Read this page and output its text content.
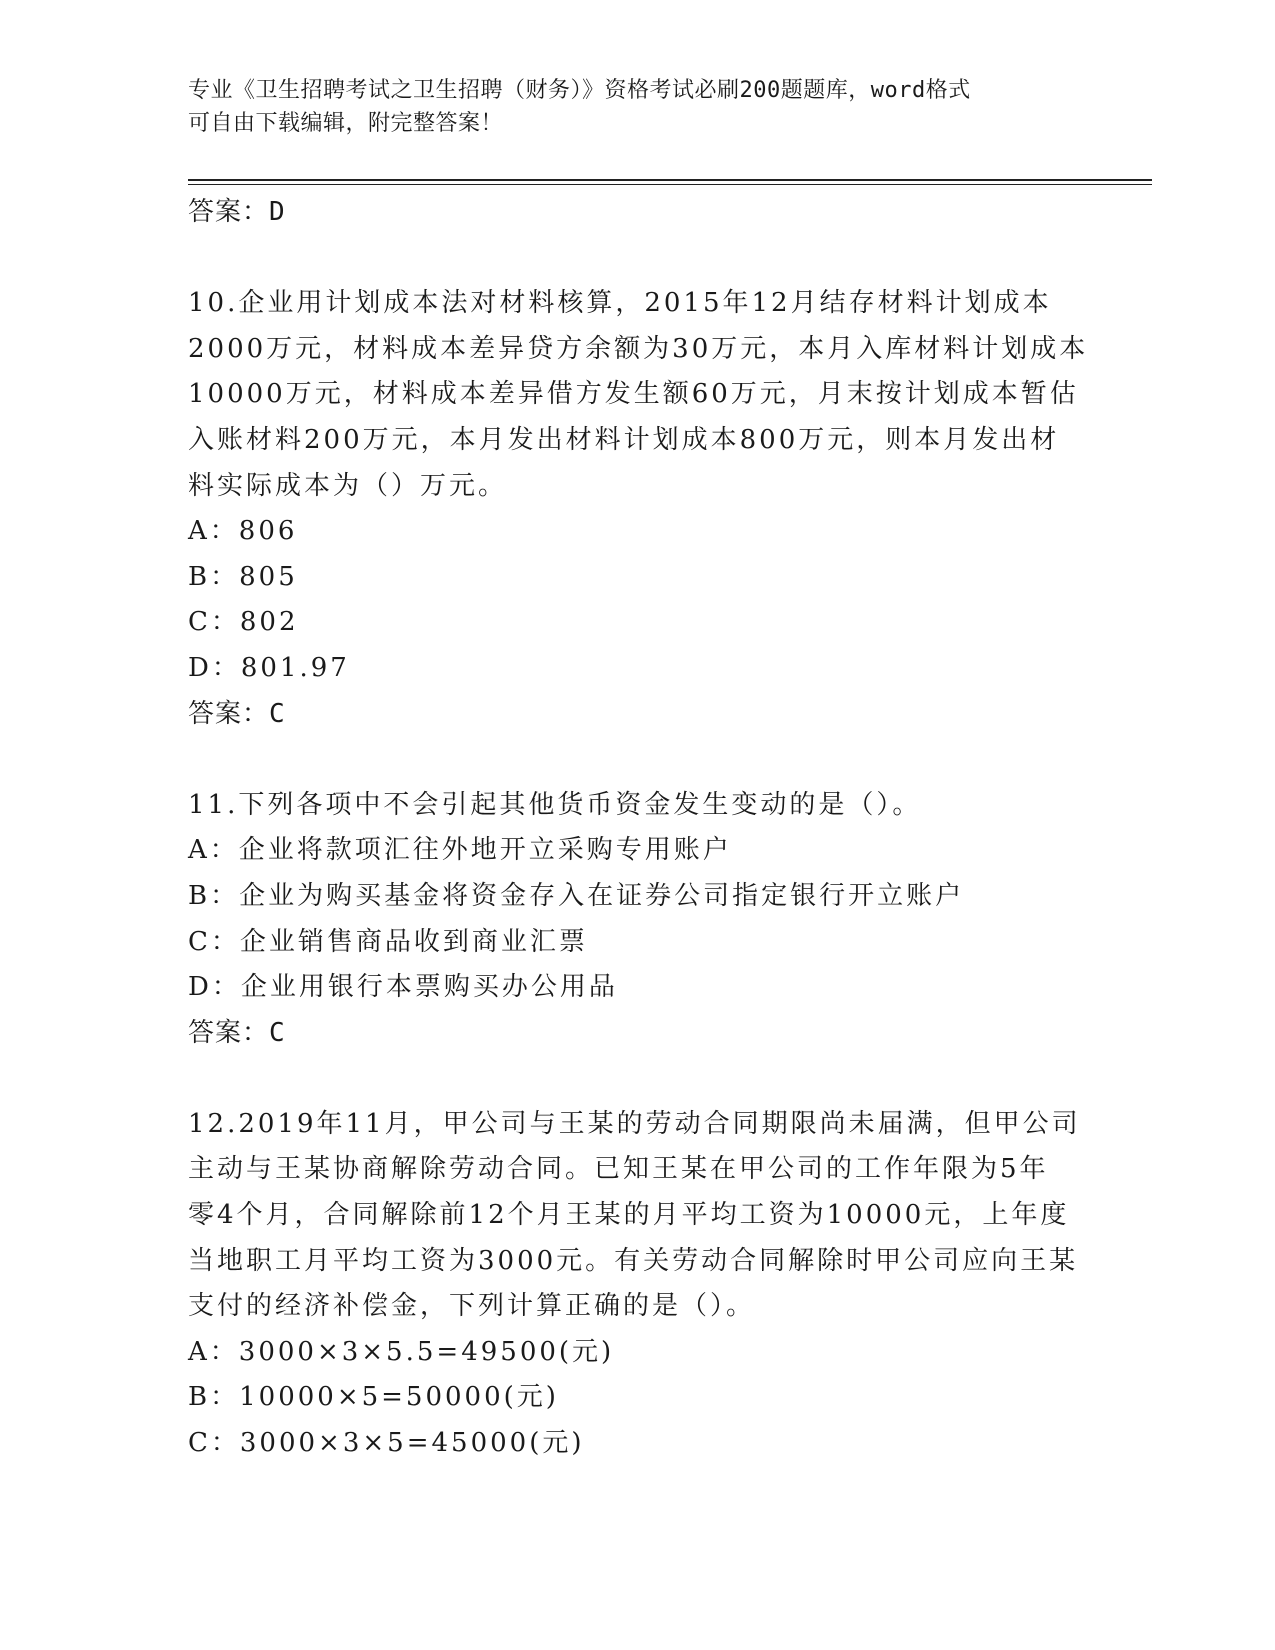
专业《卫生招聘考试之卫生招聘（财务）》资格考试必刷200题题库，word格式
可自由下载编辑，附完整答案！
答案：D
10.企业用计划成本法对材料核算，2015年12月结存材料计划成本
2000万元，材料成本差异贷方余额为30万元，本月入库材料计划成本
10000万元，材料成本差异借方发生额60万元，月末按计划成本暂估
入账材料200万元，本月发出材料计划成本800万元，则本月发出材
料实际成本为（）万元。
A：806
B：805
C：802
D：801.97
答案：C
11.下列各项中不会引起其他货币资金发生变动的是（）。
A：企业将款项汇往外地开立采购专用账户
B：企业为购买基金将资金存入在证券公司指定银行开立账户
C：企业销售商品收到商业汇票
D：企业用银行本票购买办公用品
答案：C
12.2019年11月，甲公司与王某的劳动合同期限尚未届满，但甲公司
主动与王某协商解除劳动合同。已知王某在甲公司的工作年限为5年
零4个月，合同解除前12个月王某的月平均工资为10000元，上年度
当地职工月平均工资为3000元。有关劳动合同解除时甲公司应向王某
支付的经济补偿金，下列计算正确的是（）。
A：3000×3×5.5=49500(元)
B：10000×5=50000(元)
C：3000×3×5=45000(元)
